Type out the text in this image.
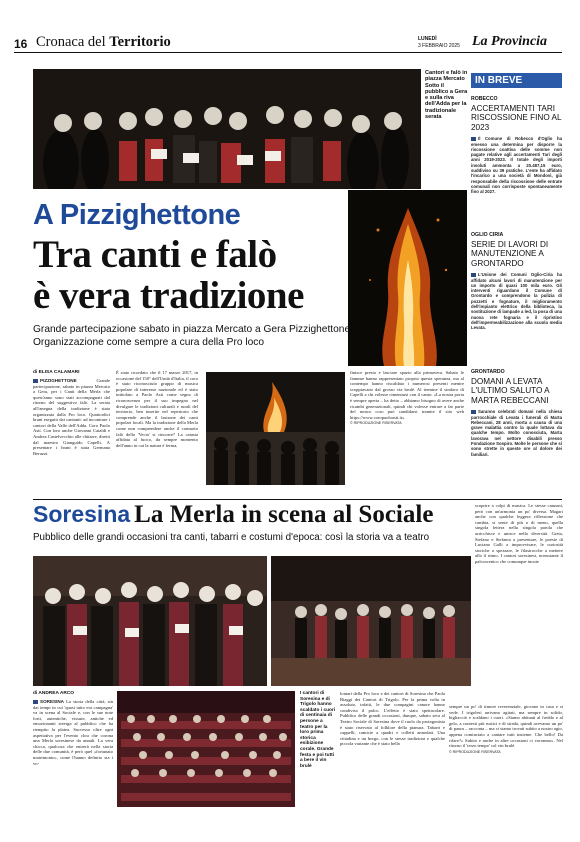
16 Cronaca del Territorio	LUNEDÌ
3 FEBBRAIO 2025 La Provincia
Cantori e falò in piazza Mercato Sotto il pubblico a Gera e sulla riva dell'Adda per la tradizionale serata
A Pizzighettone
Tra canti e falò
è vera tradizione
Grande partecipazione sabato in piazza Mercato a Gera Pizzighettone Organizzazione come sempre a cura della Pro loco
di ELISA CALAMARI
PIZZIGHETTONE	Grande partecipazione, sabato in piazza Mercato a Gera, per i Canti della Merla che quest'anno sono stati accompagnati dal ritorno del suggestivo falò. La serata all'insegna della tradizione è stata organizzata dalla Pro loco. Quattordici brani eseguiti dai cantanti: ad incontrare i cantori della Valle dell'Adda. Coro Paolo Asti. Con loro anche Giovanni Cataldi e Andrea Castelvecchio alle chitarre, diretti dal maestro Gianguido Capelli. A presentare i brani è stata Germana Beruzzi.
È stato ricordato che il 17 marzo 2017, in occasione del 150° dell'Unità d'Italia, il coro è stato riconosciuto gruppo di musica popolare di interesse nazionale ed è stato intitolato a Paolo Asti come segno di riconoscenza per il suo impegno nel divulgare le tradizioni culturali e rurali del territorio, ben inserite nel repertorio che comprende anche il lastrone dei canti popolari locali. Ma la tradizione della Merla come non comprendere anche il consueto falò della 'Vecia' si rincorre? La catasta affidata al fuoco, da sempre momento dell'anno in cui la natura è ferma,
finisce presto e lasciare spazio alla primavera. Sabato le fiamme hanno rappresentato proprio questa speranza, ma al contempo hanno riscaldato i numerosi presenti mentre scoppiavano dal grosso via brulé. Al termine il sindaco di Capelli a chi volesse cimentarsi con il canto: «La nostra porta è sempre aperta – ha detto – abbiamo bisogno di avere anche ricambi generazionali, quindi chi volesse entrare a far parte del nostro coro può candidarsi tramite il sito web https://www.coropaoloasti.it».
© RIPRODUZIONE RISERVATA
IN BREVE
ROBECCO
ACCERTAMENTI TARI RISCOSSIONE FINO AL 2023
Il Comune di Robecco d'Oglio ha emesso una determina per disporre la riscossione coattiva delle somme non pagate relative agli accertamenti Tari degli anni 2019-2023. Il totale degli importi insoluti ammonta a 20.487,15 euro, suddiviso su 39 pratiche. L'ente ha affidato l'incarico a una società di Mondovì, già responsabile della riscossione delle entrate comunali non corrisposte spontaneamente fino al 2027.
OGLIO CIRIA
SERIE DI LAVORI DI MANUTENZIONE A GRONTARDO
L'Unione dei Comuni Oglio-Ciria ha affidato alcuni lavori di manutenzione per un importo di quasi 100 mila euro. Gli interventi riguardano il Comune di Grontardo e comprendono la pulizia di pozzetti e fognature, il miglioramento dell'impianto elettrico della biblioteca, la sostituzione di lampade a led, la posa di una nuova rete fognaria e il ripristino dell'impermeabilizzazione alla scuola media Levata.
GRONTARDO
DOMANI A LEVATA L'ULTIMO SALUTO A MARTA REBECCANI
Saranno celebrati domani nella chiesa parrocchiale di Levata i funerali di Marta Rebeccani, 28 anni, morta a causa di una grave malattia contro la quale lottava da qualche tempo. Molto conosciuta, Marta lavorava nel settore disabili presso Fondazione Sospiro. Molte le persone che si sono strette in queste ore al dolore dei familiari.
Soresina La Merla in scena al Sociale
Pubblico delle grandi occasioni tra canti, tabarri e costumi d'epoca: così la storia va a teatro
scoprire a colpi di musica. Le stesse canzoni, però con un'armonia un po' diversa. Magari anche con qualche leggera riflessione che cambia, si sente di più o di meno, quella singola lettera nella singola parola che arricchisce e unisce nella diversità. Greta, Stefano e Stefania a presentare, le poesie di Luciano Galli a improvvisare, le curiosità storiche a spezzare, le filastrocche a mettere allo il ritmo. I cantori soresinesi, nonostante il palcoscenico che comunque incute
di ANDREA ARCO
SORESINA La storia della città, sin dai tempi in cui 'quasi tutto era campagna' va in scena al Sociale e, con le sue note forti, autentiche, vissute, antiche ed emozionanti steerga al pubblico che ha riempito la platea. Successo oltre ogni aspettativa per l'evento clou che corona una Merla soresinese da annali. La vera chicca, qualcosa che entrerà nella storia delle due comunità, è però quel «fortunato matrimonio», come l'hanno definito sia i vo-
I cantori di Soresina e di Trigolo hanno scaldato i cuori di centinaia di persone a teatro per la loro prima storica esibizione corale. Grande festa e poi tutti a bere il vin brulè
lontari della Pro loco e dei cantori di Soresina che Paola Biaggi dei Cantori di Trigolo. Per la prima volta in assoluto, infatti, le due compagini canore hanno condiviso il palco. L'effetto è stato spettacolare. Pubblico delle grandi occasioni, dunque, sabato sera al Teatro Sociale di Soresina dove il ruolo da protagonista è stato riservato al folklore della pianura. Tabarri e cappelli, camicie a quadri e colletti annodati. Una cittadina e un borgo, con le stesse tradizioni e qualche piccola variante che è stato bello
sempre un po' di timore reverenziale, giocano in casa e si vede. I trigolesi arrivano agitati, ma sempre in solido, bigliacciò e scaldano i cuori. «Siamo abituati al freddo e al gelo, a contesti più rustici e di strada, quindi avevamo un po' di paura – racconta – ma ci siamo trovati subito a nostro agio, appena cominciato a cantare tutti insieme. Che bello! Da rifare?» Subito e anche in altre occasioni ci vorranno». Nel ritorno il 'terzo tempo' col vin brulé.
© RIPRODUZIONE RISERVATA
